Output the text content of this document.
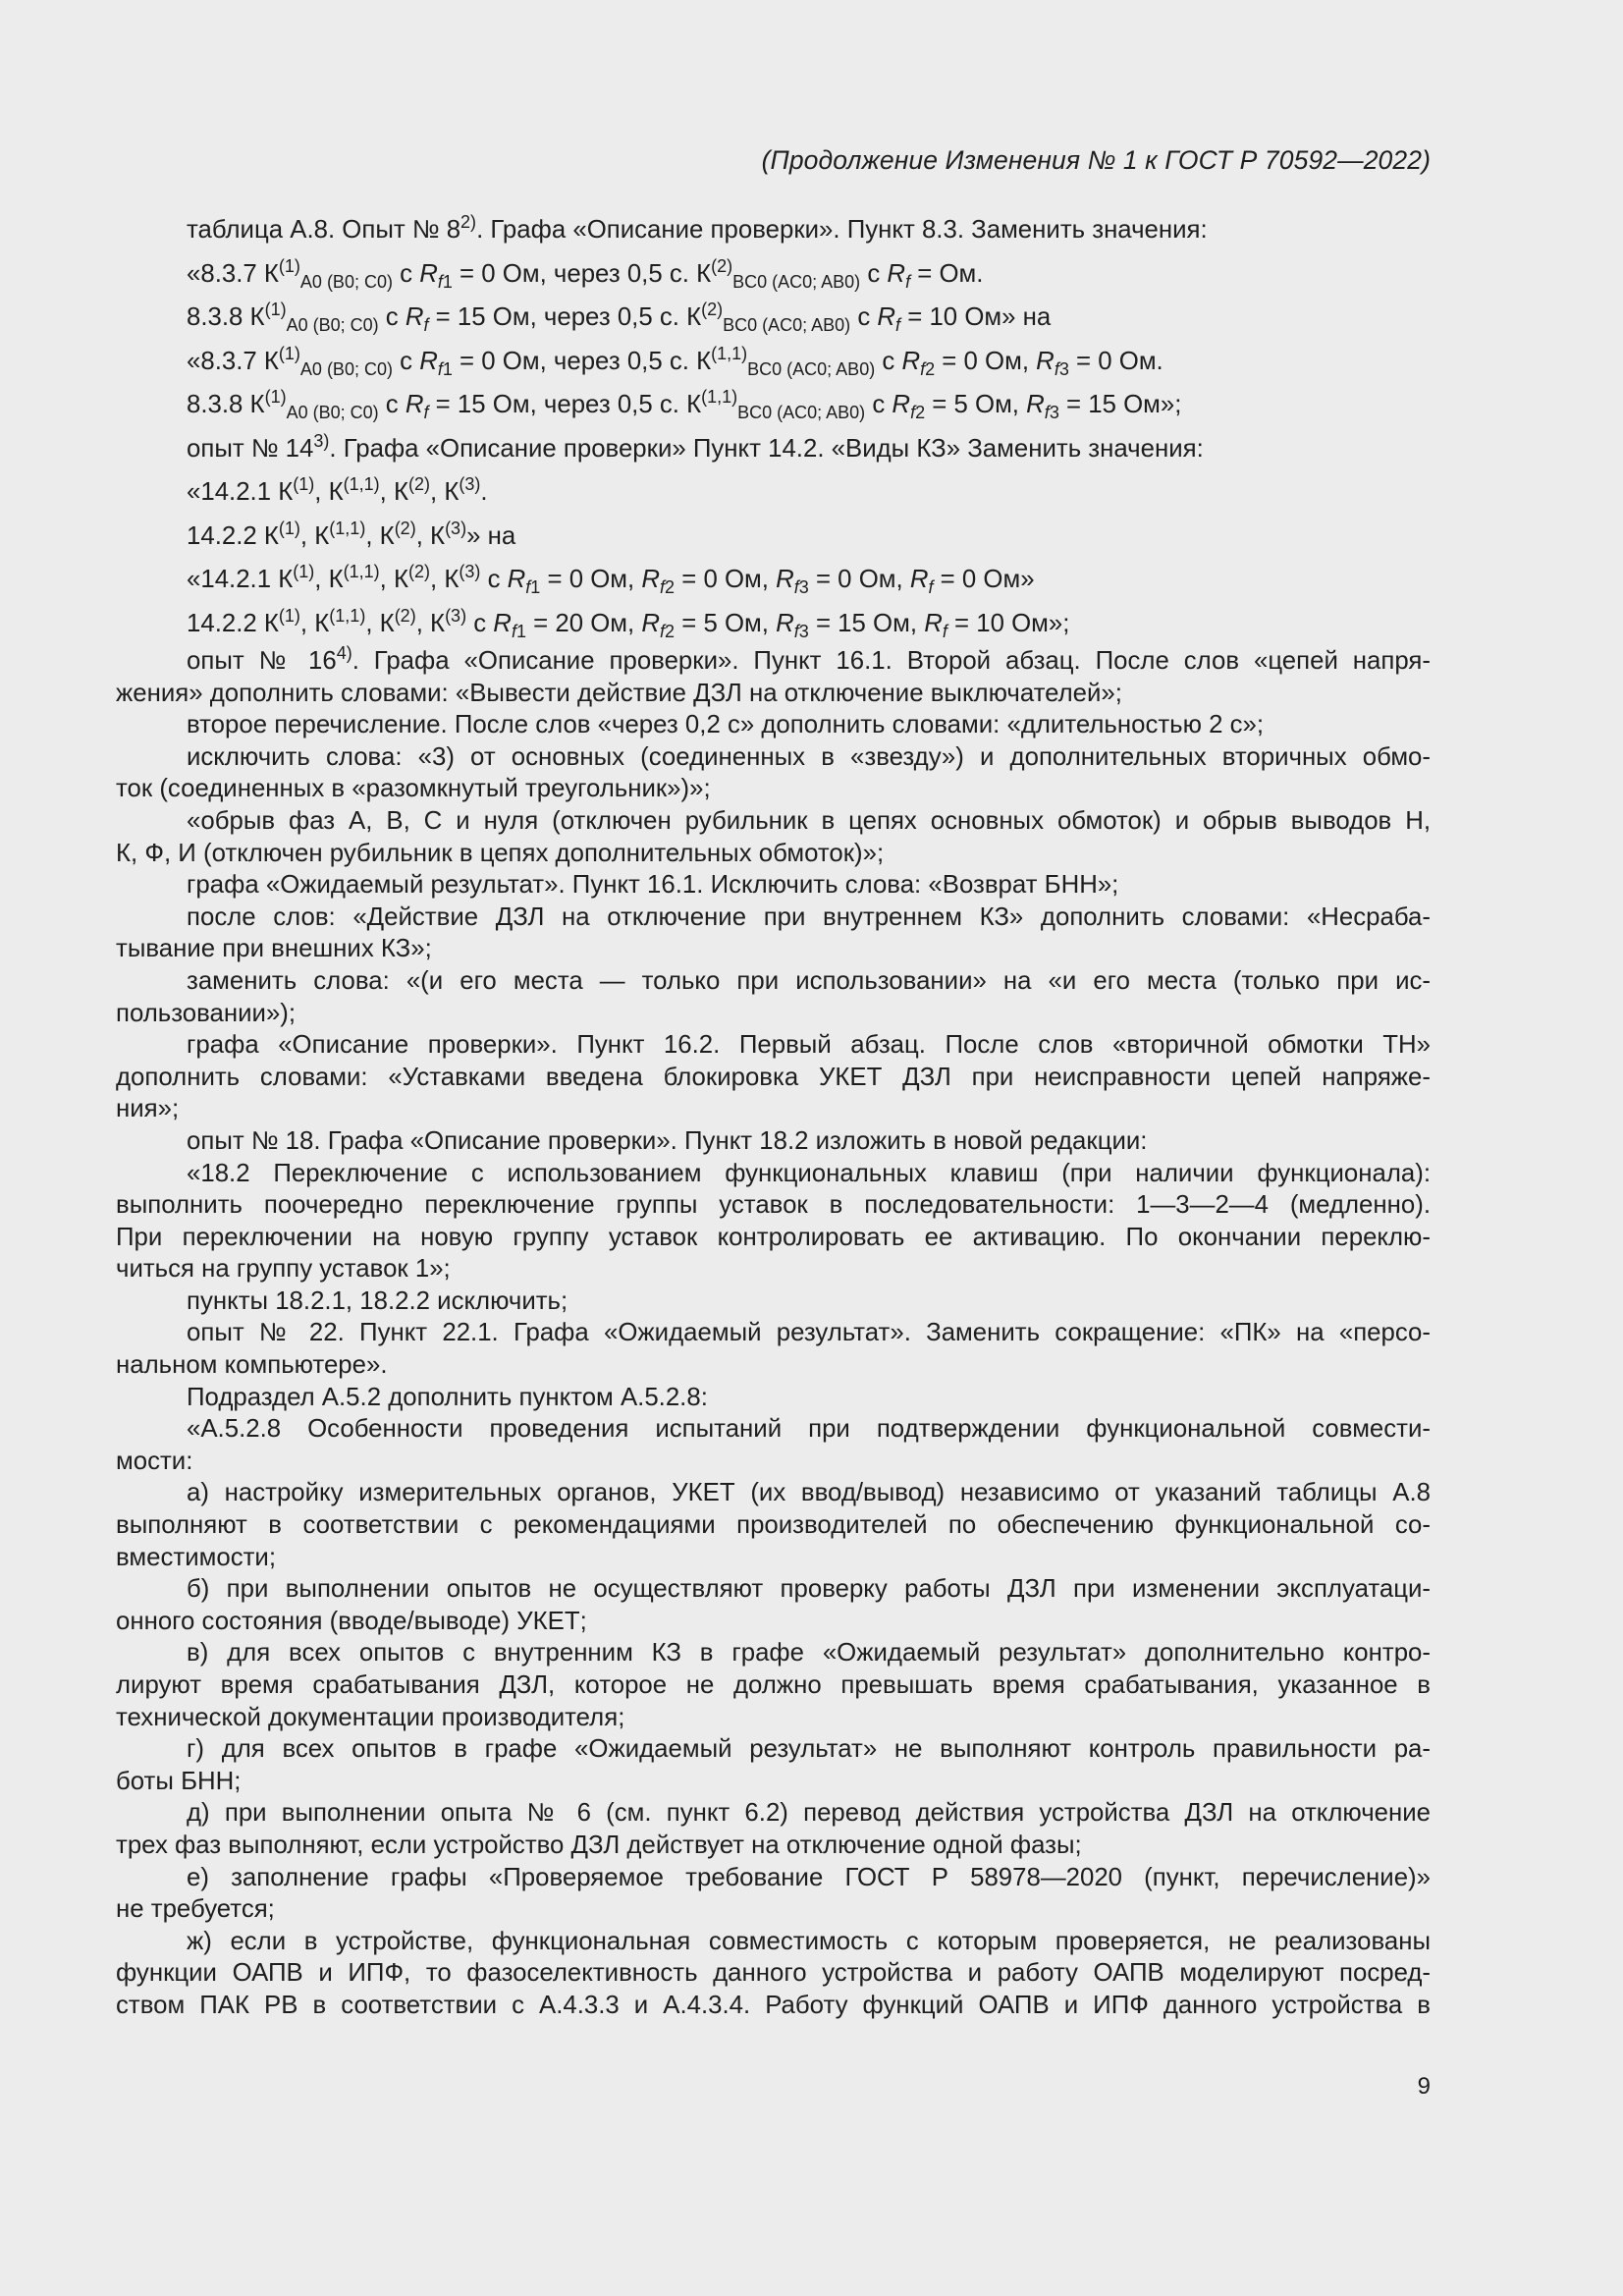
(Продолжение Изменения № 1 к ГОСТ Р 70592—2022)
таблица А.8. Опыт № 8$^{2)}$. Графа «Описание проверки». Пункт 8.3. Заменить значения:
«8.3.7 $К^{(1)}_{A0 (B0; C0)}$ с $R_{f1} = 0$ Ом, через 0,5 с. $К^{(2)}_{BC0 (AC0; AB0)}$ с $R_f$ = Ом.
8.3.8 $К^{(1)}_{A0 (B0; C0)}$ с $R_f = 15$ Ом, через 0,5 с. $К^{(2)}_{BC0 (AC0; AB0)}$ с $R_f = 10$ Ом» на
«8.3.7 $К^{(1)}_{A0 (B0; C0)}$ с $R_{f1} = 0$ Ом, через 0,5 с. К$^{(1,1)}_{BC0 (AC0; AB0)}$ с $R_{f2} = 0$ Ом, $R_{f3} = 0$ Ом.
8.3.8 $К^{(1)}_{A0 (B0; C0)}$ с $R_f = 15$ Ом, через 0,5 с. К$^{(1,1)}_{BC0 (AC0; AB0)}$ с $R_{f2} = 5$ Ом, $R_{f3} = 15$ Ом»;
опыт № 14$^{3)}$. Графа «Описание проверки» Пункт 14.2. «Виды КЗ» Заменить значения:
«14.2.1 $К^{(1)}$, К$^{(1,1)}$, $К^{(2)}$, $К^{(3)}$.
14.2.2 $К^{(1)}$, К$^{(1,1)}$, $К^{(2)}$, $К^{(3)}$» на
«14.2.1 $К^{(1)}$, К$^{(1,1)}$, $К^{(2)}$, $К^{(3)}$ с $R_{f1} = 0$ Ом, $R_{f2} = 0$ Ом, $R_{f3} = 0$ Ом, $R_f = 0$ Ом»
14.2.2 $К^{(1)}$, К$^{(1,1)}$, $К^{(2)}$, $К^{(3)}$ с $R_{f1} = 20$ Ом, $R_{f2} = 5$ Ом, $R_{f3} = 15$ Ом, $R_f = 10$ Ом»;
опыт № 16$^{4)}$. Графа «Описание проверки». Пункт 16.1. Второй абзац. После слов «цепей напря-
жения» дополнить словами: «Вывести действие ДЗЛ на отключение выключателей»;
второе перечисление. После слов «через 0,2 с» дополнить словами: «длительностью 2 с»;
исключить слова: «3) от основных (соединенных в «звезду») и дополнительных вторичных обмо-
ток (соединенных в «разомкнутый треугольник»)»;
«обрыв фаз А, В, С и нуля (отключен рубильник в цепях основных обмоток) и обрыв выводов Н,
К, Ф, И (отключен рубильник в цепях дополнительных обмоток)»;
графа «Ожидаемый результат». Пункт 16.1. Исключить слова: «Возврат БНН»;
после слов: «Действие ДЗЛ на отключение при внутреннем КЗ» дополнить словами: «Несраба-
тывание при внешних КЗ»;
заменить слова: «(и его места — только при использовании» на «и его места (только при ис-
пользовании»);
графа «Описание проверки». Пункт 16.2. Первый абзац. После слов «вторичной обмотки ТН»
дополнить словами: «Уставками введена блокировка УКЕТ ДЗЛ при неисправности цепей напряже-
ния»;
опыт № 18. Графа «Описание проверки». Пункт 18.2 изложить в новой редакции:
«18.2 Переключение с использованием функциональных клавиш (при наличии функционала):
выполнить поочередно переключение группы уставок в последовательности: 1—3—2—4 (медленно).
При переключении на новую группу уставок контролировать ее активацию. По окончании переклю-
читься на группу уставок 1»;
пункты 18.2.1, 18.2.2 исключить;
опыт № 22. Пункт 22.1. Графа «Ожидаемый результат». Заменить сокращение: «ПК» на «персо-
нальном компьютере».
Подраздел А.5.2 дополнить пунктом А.5.2.8:
«А.5.2.8 Особенности проведения испытаний при подтверждении функциональной совмести-
мости:
а) настройку измерительных органов, УКЕТ (их ввод/вывод) независимо от указаний таблицы А.8
выполняют в соответствии с рекомендациями производителей по обеспечению функциональной со-
вместимости;
б) при выполнении опытов не осуществляют проверку работы ДЗЛ при изменении эксплуатаци-
онного состояния (вводе/выводе) УКЕТ;
в) для всех опытов с внутренним КЗ в графе «Ожидаемый результат» дополнительно контро-
лируют время срабатывания ДЗЛ, которое не должно превышать время срабатывания, указанное в
технической документации производителя;
г) для всех опытов в графе «Ожидаемый результат» не выполняют контроль правильности ра-
боты БНН;
д) при выполнении опыта № 6 (см. пункт 6.2) перевод действия устройства ДЗЛ на отключение
трех фаз выполняют, если устройство ДЗЛ действует на отключение одной фазы;
е) заполнение графы «Проверяемое требование ГОСТ Р 58978—2020 (пункт, перечисление)»
не требуется;
ж) если в устройстве, функциональная совместимость с которым проверяется, не реализованы
функции ОАПВ и ИПФ, то фазоселективность данного устройства и работу ОАПВ моделируют посред-
ством ПАК РВ в соответствии с А.4.3.3 и А.4.3.4. Работу функций ОАПВ и ИПФ данного устройства в
9
